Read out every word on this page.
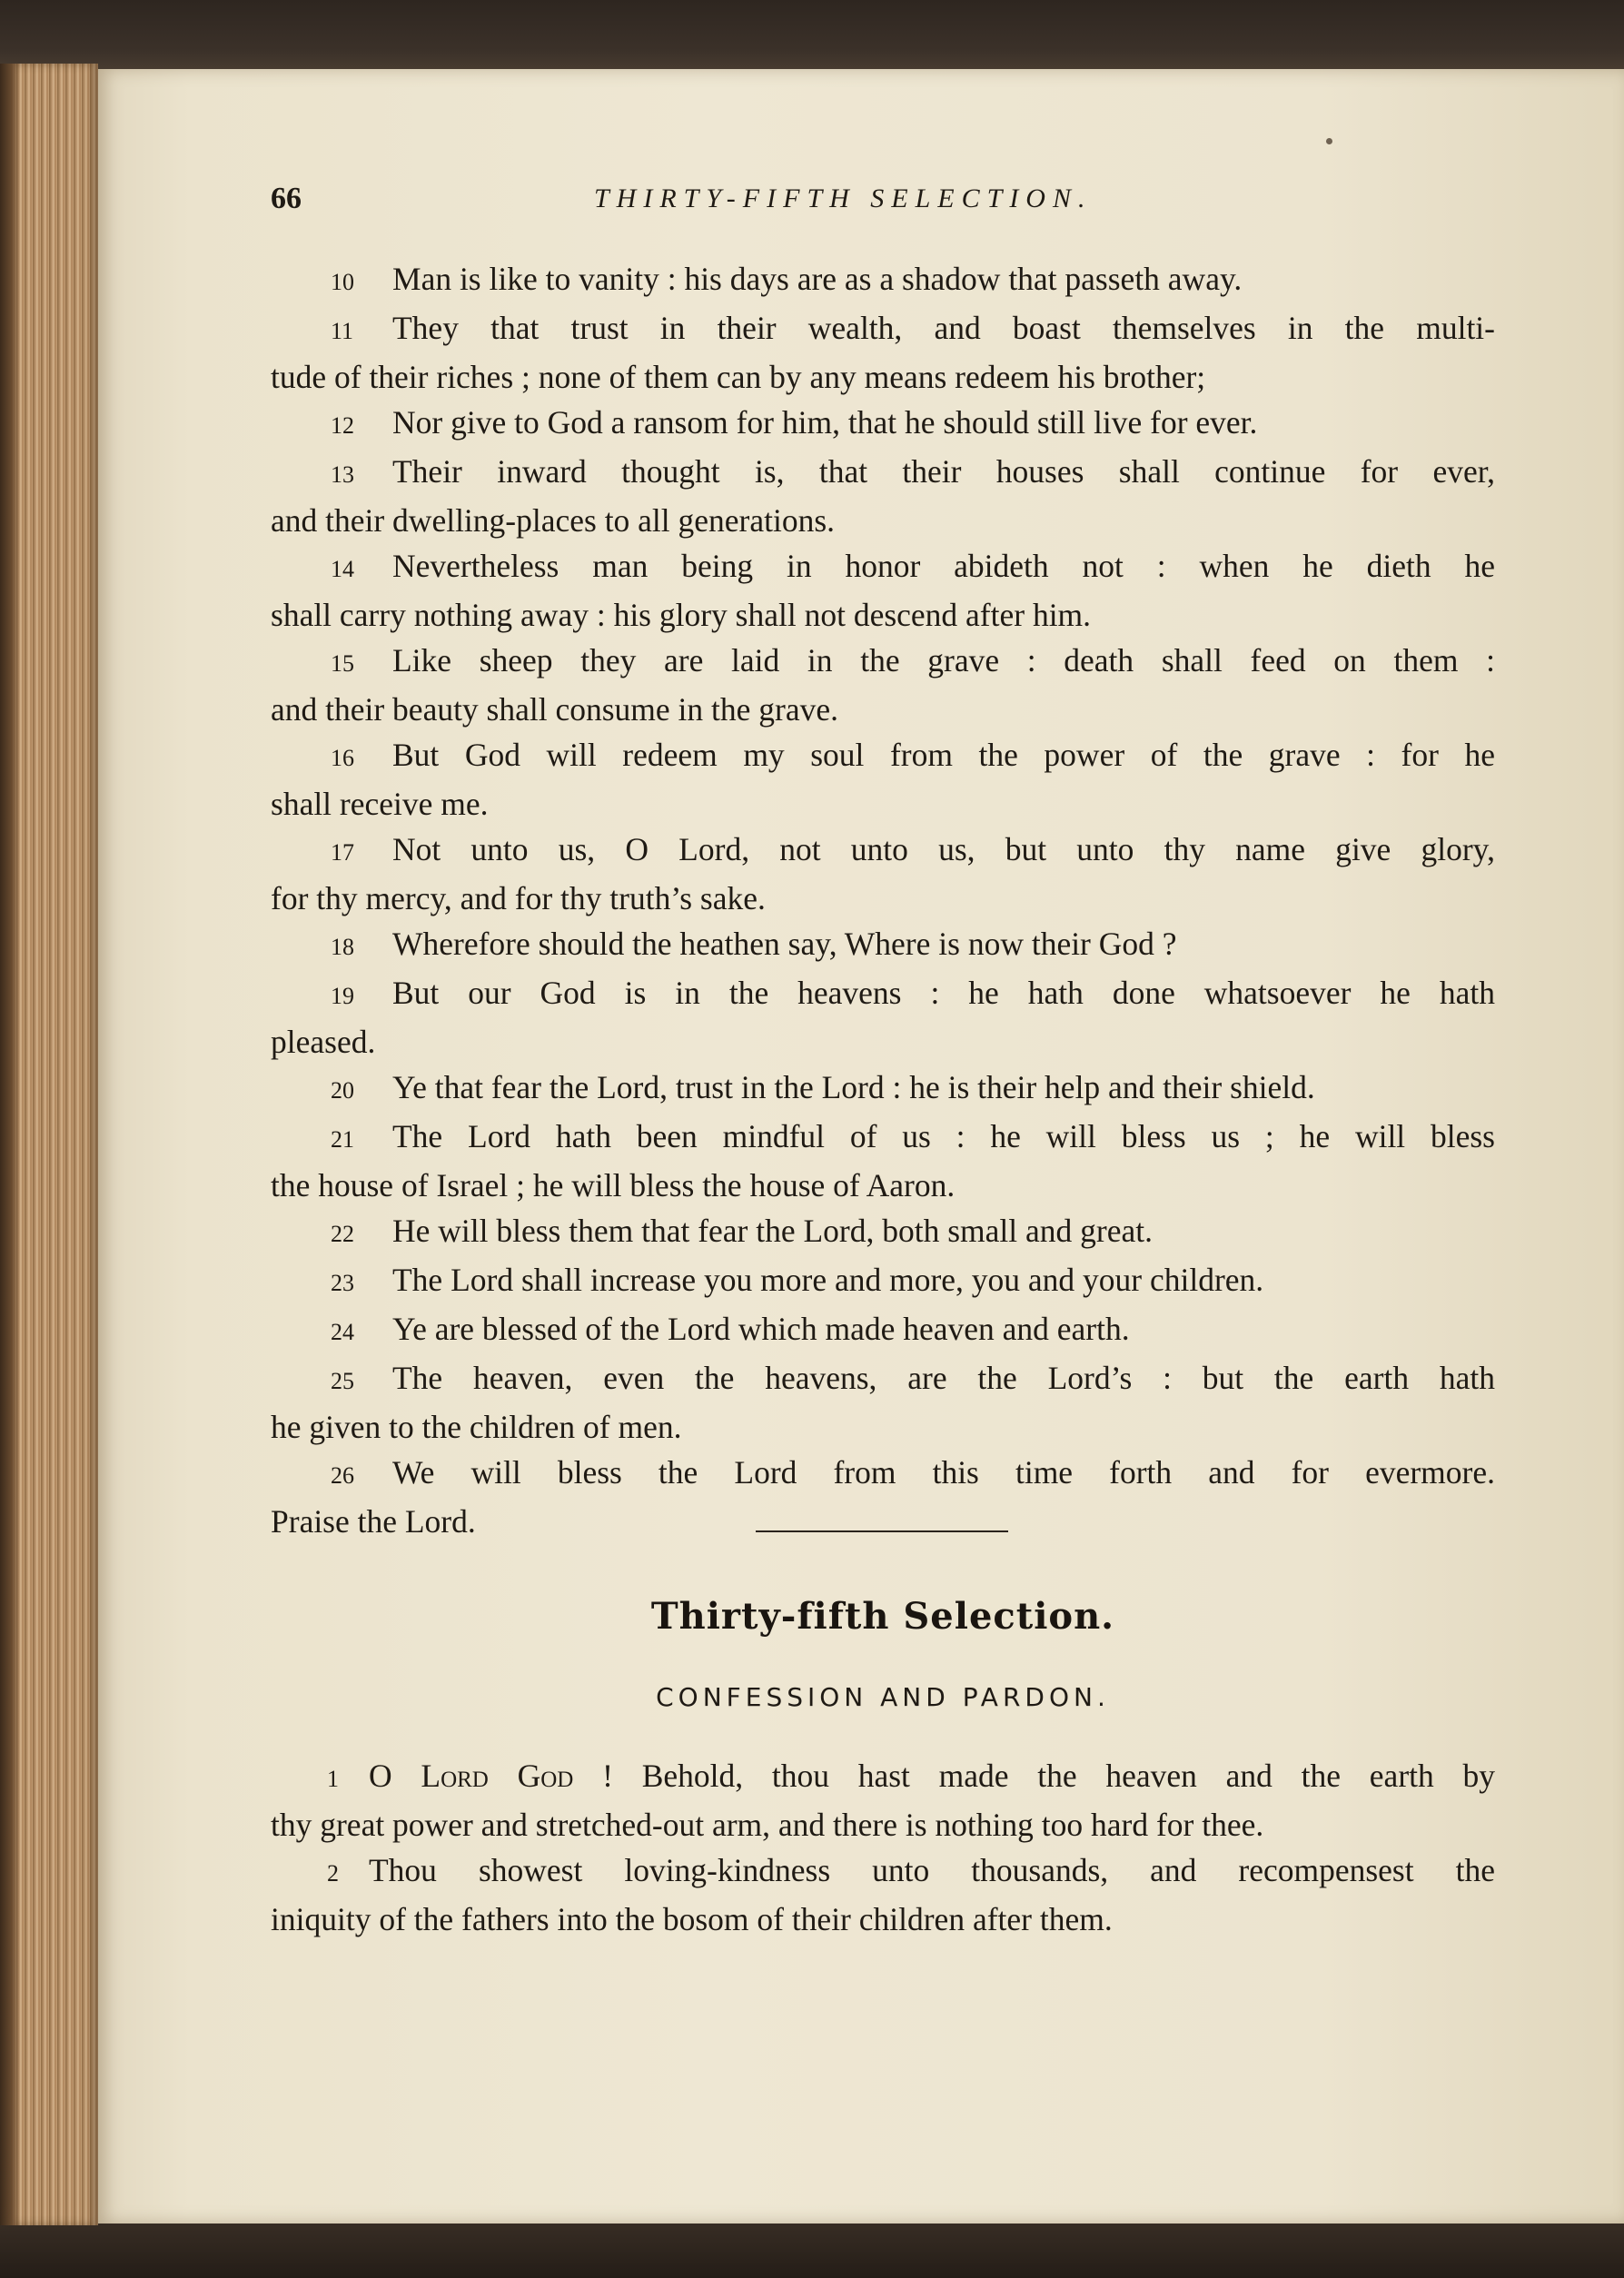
66	THIRTY-FIFTH SELECTION.
10 Man is like to vanity : his days are as a shadow that passeth away.
11 They that trust in their wealth, and boast themselves in the multi-
tude of their riches ; none of them can by any means redeem his brother;
12 Nor give to God a ransom for him, that he should still live for ever.
13 Their inward thought is, that their houses shall continue for ever,
and their dwelling-places to all generations.
14 Nevertheless man being in honor abideth not : when he dieth he
shall carry nothing away : his glory shall not descend after him.
15 Like sheep they are laid in the grave : death shall feed on them :
and their beauty shall consume in the grave.
16 But God will redeem my soul from the power of the grave : for he
shall receive me.
17 Not unto us, O Lord, not unto us, but unto thy name give glory,
for thy mercy, and for thy truth’s sake.
18 Wherefore should the heathen say, Where is now their God ?
19 But our God is in the heavens : he hath done whatsoever he hath
pleased.
20 Ye that fear the Lord, trust in the Lord : he is their help and their shield.
21 The Lord hath been mindful of us : he will bless us ; he will bless
the house of Israel ; he will bless the house of Aaron.
22 He will bless them that fear the Lord, both small and great.
23 The Lord shall increase you more and more, you and your children.
24 Ye are blessed of the Lord which made heaven and earth.
25 The heaven, even the heavens, are the Lord’s : but the earth hath
he given to the children of men.
26 We will bless the Lord from this time forth and for evermore.
Praise the Lord.
Thirty-fifth Selection.
CONFESSION AND PARDON.
1 O Lord God ! Behold, thou hast made the heaven and the earth by
thy great power and stretched-out arm, and there is nothing too hard for thee.
2 Thou showest loving-kindness unto thousands, and recompensest the
iniquity of the fathers into the bosom of their children after them.
